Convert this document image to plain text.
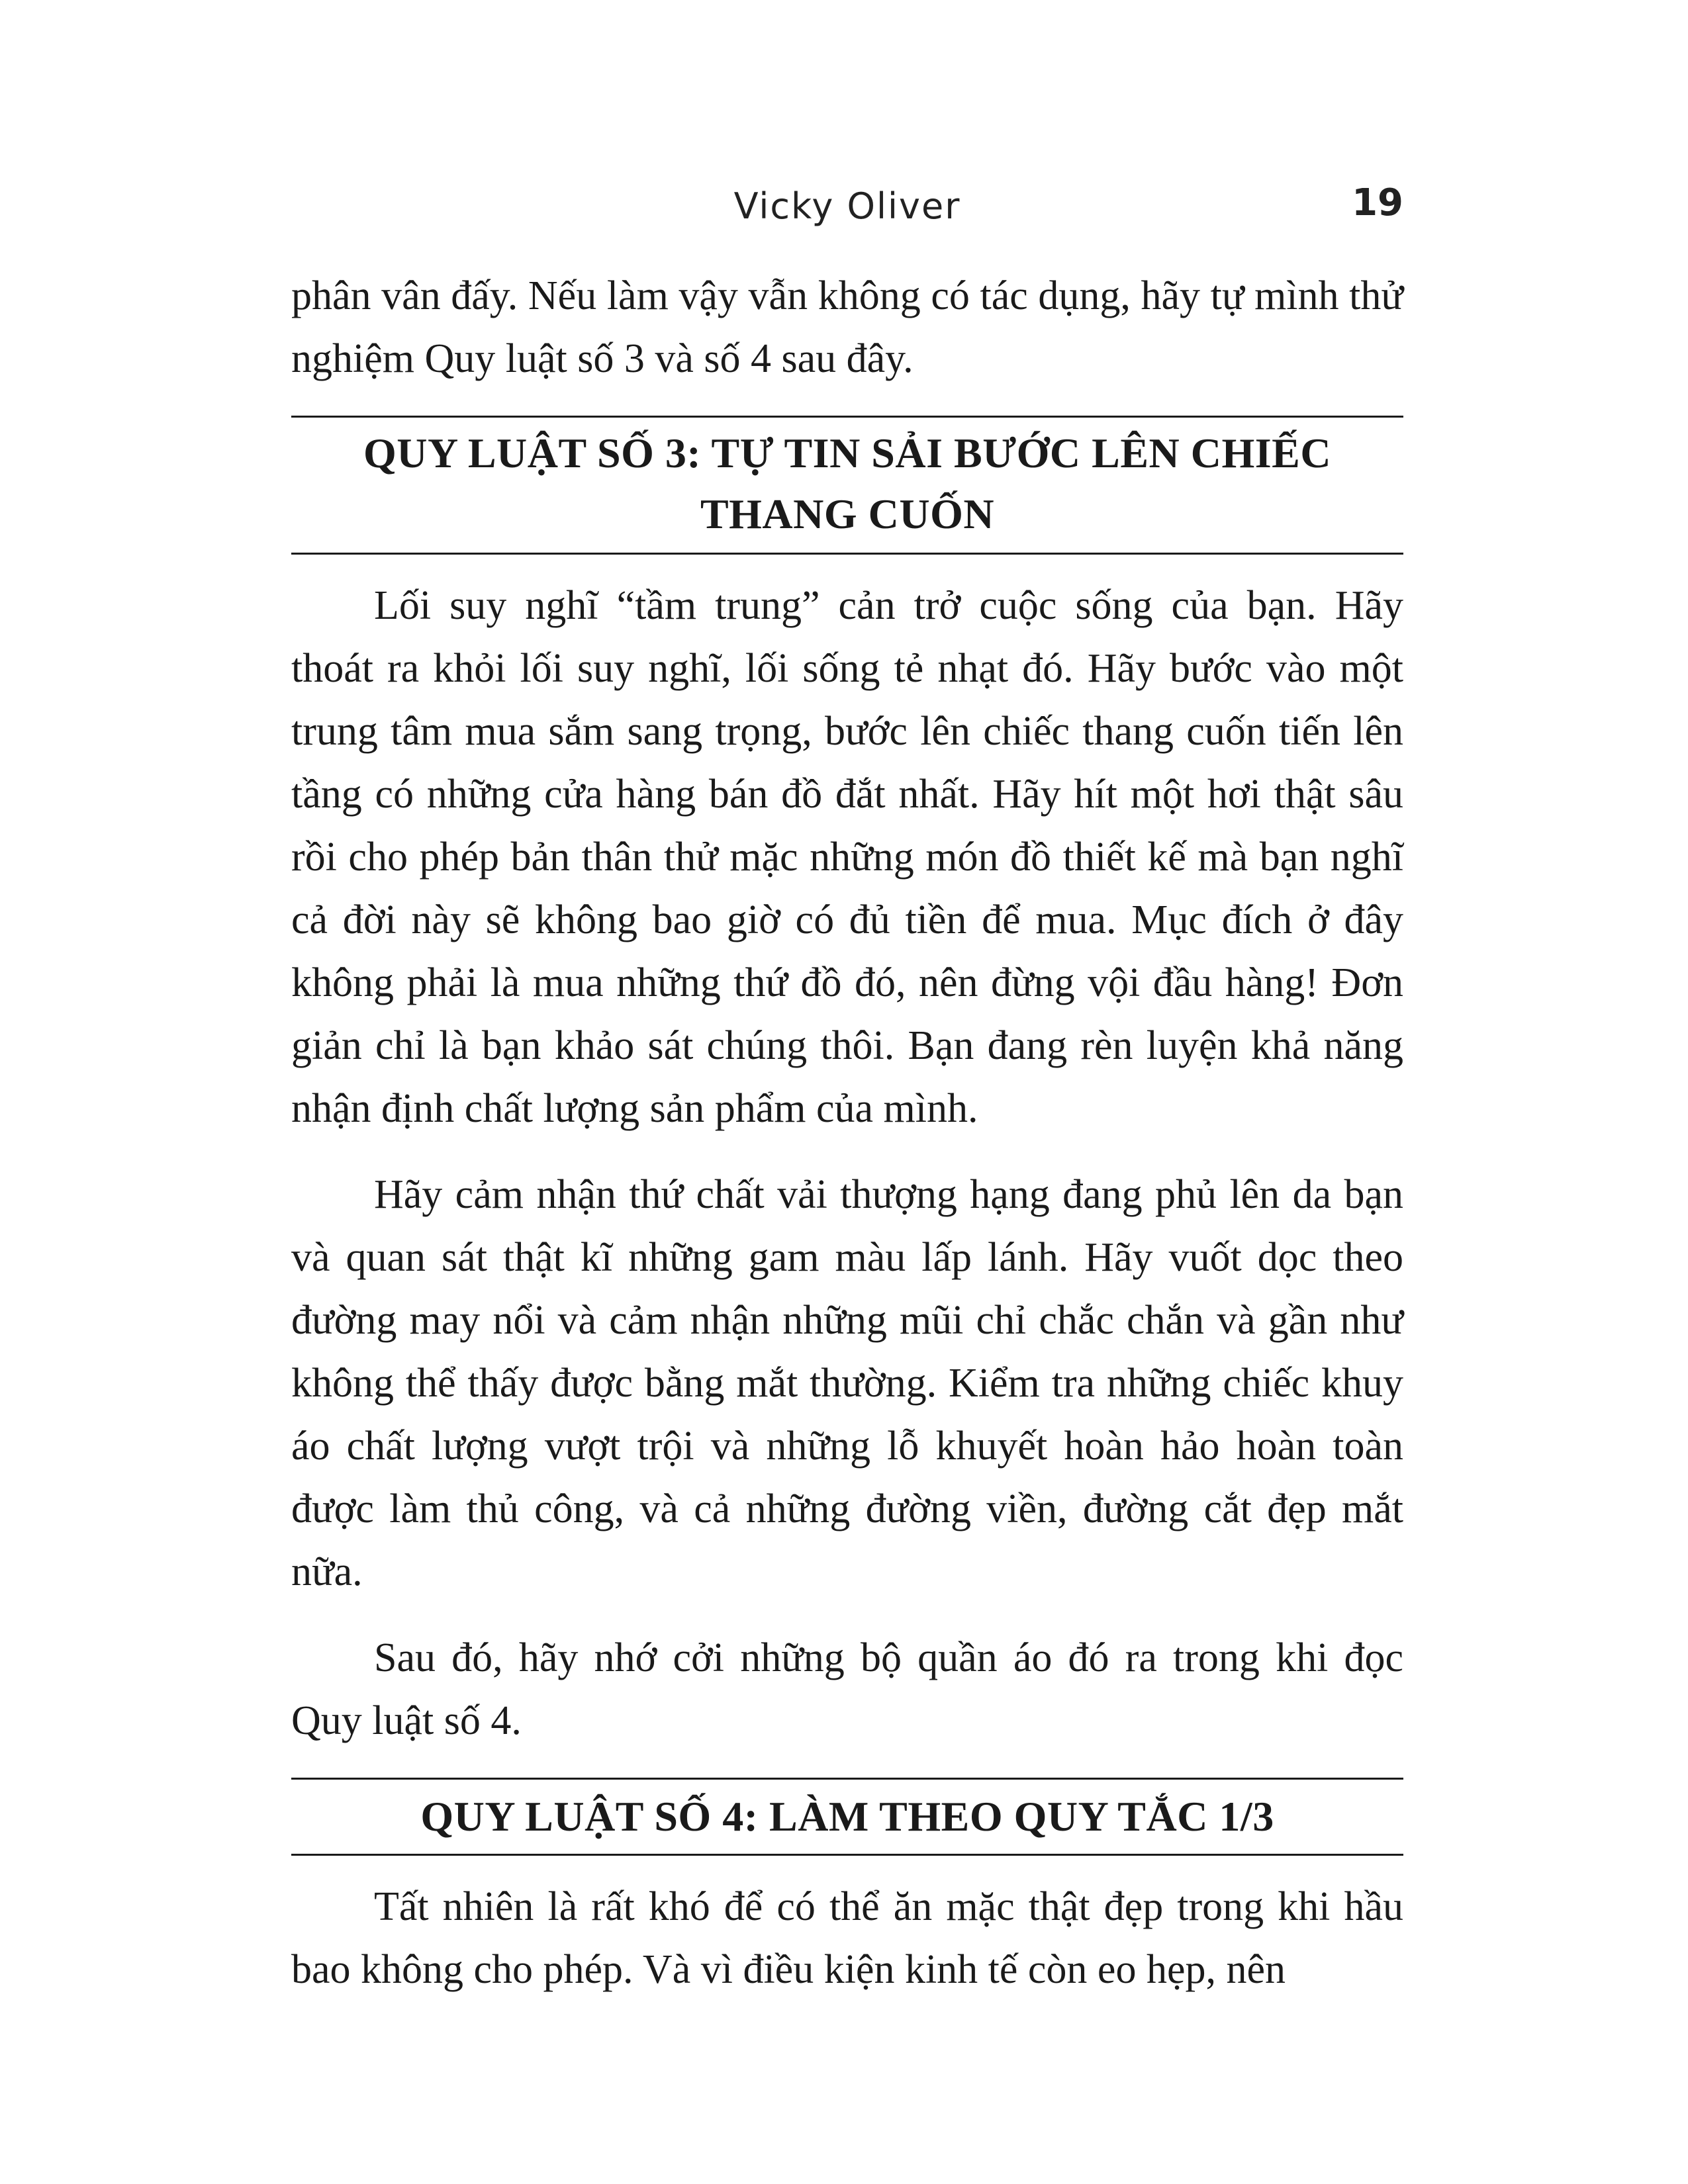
Vicky Oliver	19

phân vân đấy. Nếu làm vậy vẫn không có tác dụng, hãy tự mình thử nghiệm Quy luật số 3 và số 4 sau đây.

QUY LUẬT SỐ 3: TỰ TIN SẢI BƯỚC LÊN CHIẾC
THANG CUỐN

Lối suy nghĩ “tầm trung” cản trở cuộc sống của bạn. Hãy thoát ra khỏi lối suy nghĩ, lối sống tẻ nhạt đó. Hãy bước vào một trung tâm mua sắm sang trọng, bước lên chiếc thang cuốn tiến lên tầng có những cửa hàng bán đồ đắt nhất. Hãy hít một hơi thật sâu rồi cho phép bản thân thử mặc những món đồ thiết kế mà bạn nghĩ cả đời này sẽ không bao giờ có đủ tiền để mua. Mục đích ở đây không phải là mua những thứ đồ đó, nên đừng vội đầu hàng! Đơn giản chỉ là bạn khảo sát chúng thôi. Bạn đang rèn luyện khả năng nhận định chất lượng sản phẩm của mình.

Hãy cảm nhận thứ chất vải thượng hạng đang phủ lên da bạn và quan sát thật kĩ những gam màu lấp lánh. Hãy vuốt dọc theo đường may nổi và cảm nhận những mũi chỉ chắc chắn và gần như không thể thấy được bằng mắt thường. Kiểm tra những chiếc khuy áo chất lượng vượt trội và những lỗ khuyết hoàn hảo hoàn toàn được làm thủ công, và cả những đường viền, đường cắt đẹp mắt nữa.

Sau đó, hãy nhớ cởi những bộ quần áo đó ra trong khi đọc Quy luật số 4.

QUY LUẬT SỐ 4: LÀM THEO QUY TẮC 1/3

Tất nhiên là rất khó để có thể ăn mặc thật đẹp trong khi hầu bao không cho phép. Và vì điều kiện kinh tế còn eo hẹp, nên
